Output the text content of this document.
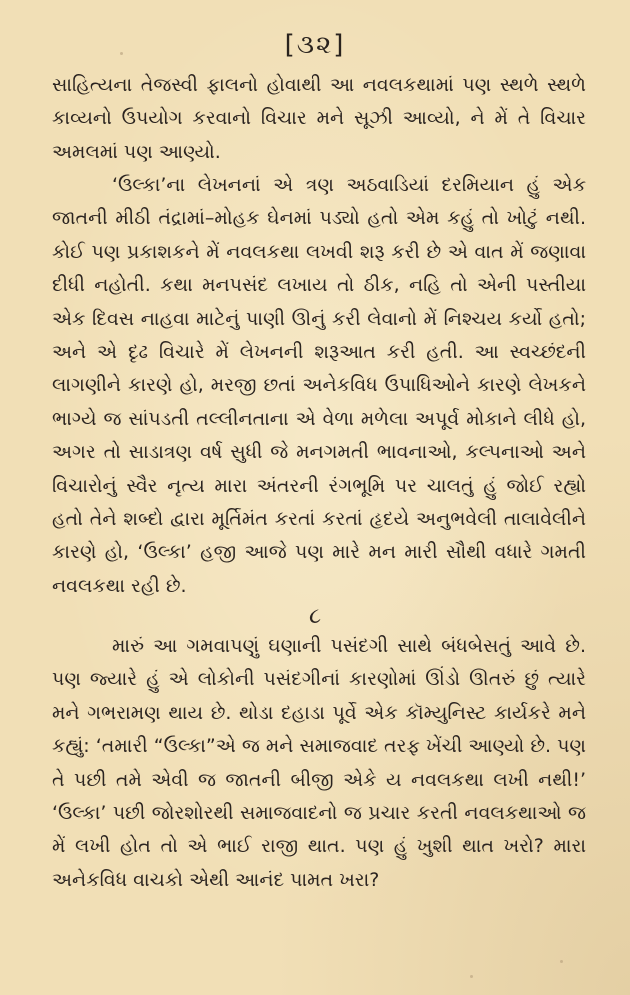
[૩૨]

સાહિત્યના તેજસ્વી ફાલનો હોવાથી આ નવલકથામાં પણ સ્થળે સ્થળે કાવ્યનો ઉપયોગ કરવાનો વિચાર મને સૂઝી આવ્યો, ને મેં તે વિચાર અમલમાં પણ આણ્યો.

‘ઉલ્કા’ના લેખનનાં એ ત્રણ અઠવાડિયાં દરમિયાન હું એક જાતની મીઠી તંદ્રામાં–મોહક ઘેનમાં પડ્યો હતો એમ કહું તો ખોટું નથી. કોઈ પણ પ્રકાશકને મેં નવલકથા લખવી શરૂ કરી છે એ વાત મેં જણાવા દીધી નહોતી. કથા મનપસંદ લખાય તો ઠીક, નહિ તો એની પસ્તીયા એક દિવસ નાહવા માટેનું પાણી ઊનું કરી લેવાનો મેં નિશ્ચય કર્યો હતો; અને એ દૃઢ વિચારે મેં લેખનની શરૂઆત કરી હતી. આ સ્વચ્છંદની લાગણીને કારણે હો, મરજી છતાં અનેકવિધ ઉપાધિઓને કારણે લેખકને ભાગ્યે જ સાંપડતી તલ્લીનતાના એ વેળા મળેલા અપૂર્વ મોકાને લીધે હો, અગર તો સાડાત્રણ વર્ષ સુધી જે મનગમતી ભાવનાઓ, કલ્પનાઓ અને વિચારોનું સ્વૈર નૃત્ય મારા અંતરની રંગભૂમિ પર ચાલતું હું જોઈ રહ્યો હતો તેને શબ્દો દ્વારા મૂર્તિમંત કરતાં કરતાં હૃદયે અનુભવેલી તાલાવેલીને કારણે હો, ‘ઉલ્કા’ હજી આજે પણ મારે મન મારી સૌથી વધારે ગમતી નવલકથા રહી છે.

૮

મારું આ ગમવાપણું ઘણાની પસંદગી સાથે બંધબેસતું આવે છે. પણ જ્યારે હું એ લોકોની પસંદગીનાં કારણોમાં ઊંડો ઊતરું છું ત્યારે મને ગભરામણ થાય છે. થોડા દહાડા પૂર્વે એક કૉમ્યુનિસ્ટ કાર્યકરે મને કહ્યું: ‘તમારી “ઉલ્કા”એ જ મને સમાજવાદ તરફ ખેંચી આણ્યો છે. પણ તે પછી તમે એવી જ જાતની બીજી એકે ય નવલકથા લખી નથી!’ ‘ઉલ્કા’ પછી જોરશોરથી સમાજવાદનો જ પ્રચાર કરતી નવલકથાઓ જ મેં લખી હોત તો એ ભાઈ રાજી થાત. પણ હું ખુશી થાત ખરો? મારા અનેકવિધ વાચકો એથી આનંદ પામત ખરા?
